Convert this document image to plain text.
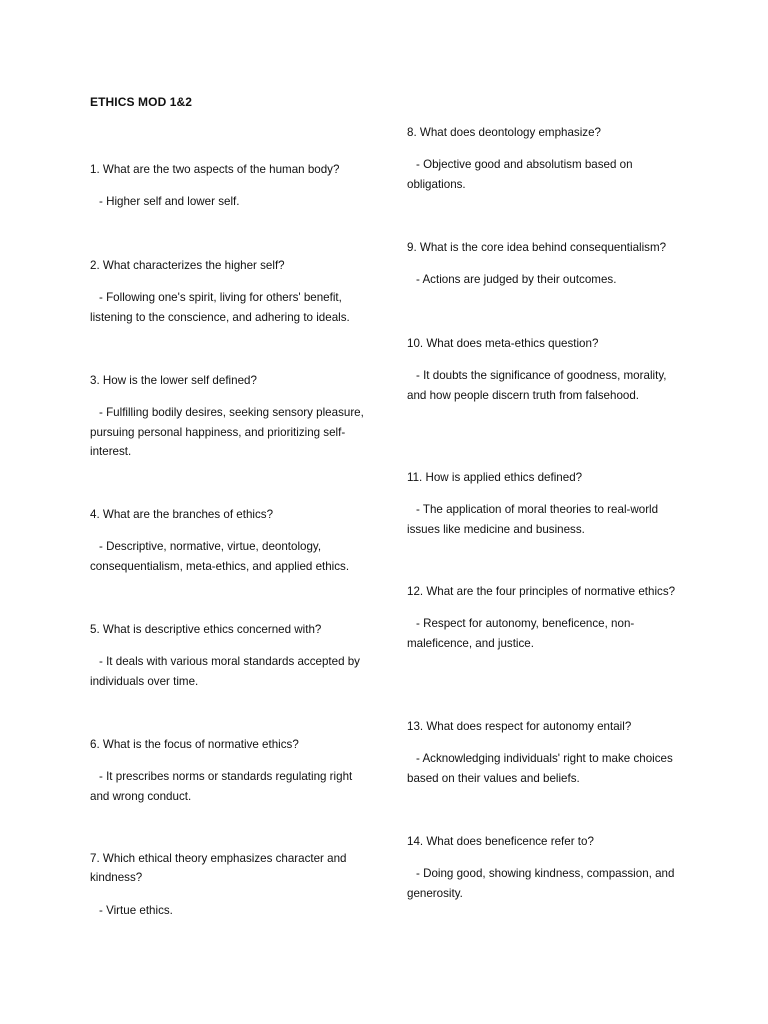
ETHICS MOD 1&2

1. What are the two aspects of the human body?

- Higher self and lower self.

2. What characterizes the higher self?

- Following one's spirit, living for others' benefit, listening to the conscience, and adhering to ideals.

3. How is the lower self defined?

- Fulfilling bodily desires, seeking sensory pleasure, pursuing personal happiness, and prioritizing self-interest.

4. What are the branches of ethics?

- Descriptive, normative, virtue, deontology, consequentialism, meta-ethics, and applied ethics.

5. What is descriptive ethics concerned with?

- It deals with various moral standards accepted by individuals over time.

6. What is the focus of normative ethics?

- It prescribes norms or standards regulating right and wrong conduct.

7. Which ethical theory emphasizes character and kindness?

- Virtue ethics.

8. What does deontology emphasize?

- Objective good and absolutism based on obligations.

9. What is the core idea behind consequentialism?

- Actions are judged by their outcomes.

10. What does meta-ethics question?

- It doubts the significance of goodness, morality, and how people discern truth from falsehood.

11. How is applied ethics defined?

- The application of moral theories to real-world issues like medicine and business.

12. What are the four principles of normative ethics?

- Respect for autonomy, beneficence, non-maleficence, and justice.

13. What does respect for autonomy entail?

- Acknowledging individuals' right to make choices based on their values and beliefs.

14. What does beneficence refer to?

- Doing good, showing kindness, compassion, and generosity.
